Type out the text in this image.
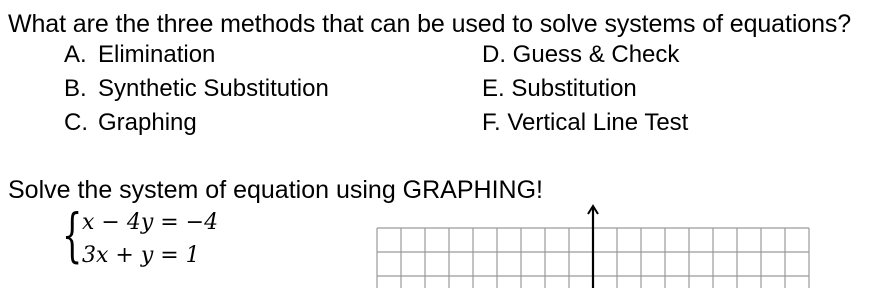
What are the three methods that can be used to solve systems of equations?
A. Elimination
B. Synthetic Substitution
C. Graphing
D. Guess & Check
E. Substitution
F. Vertical Line Test
Solve the system of equation using GRAPHING!
{ x − 4y = −4
3x + y = 1
